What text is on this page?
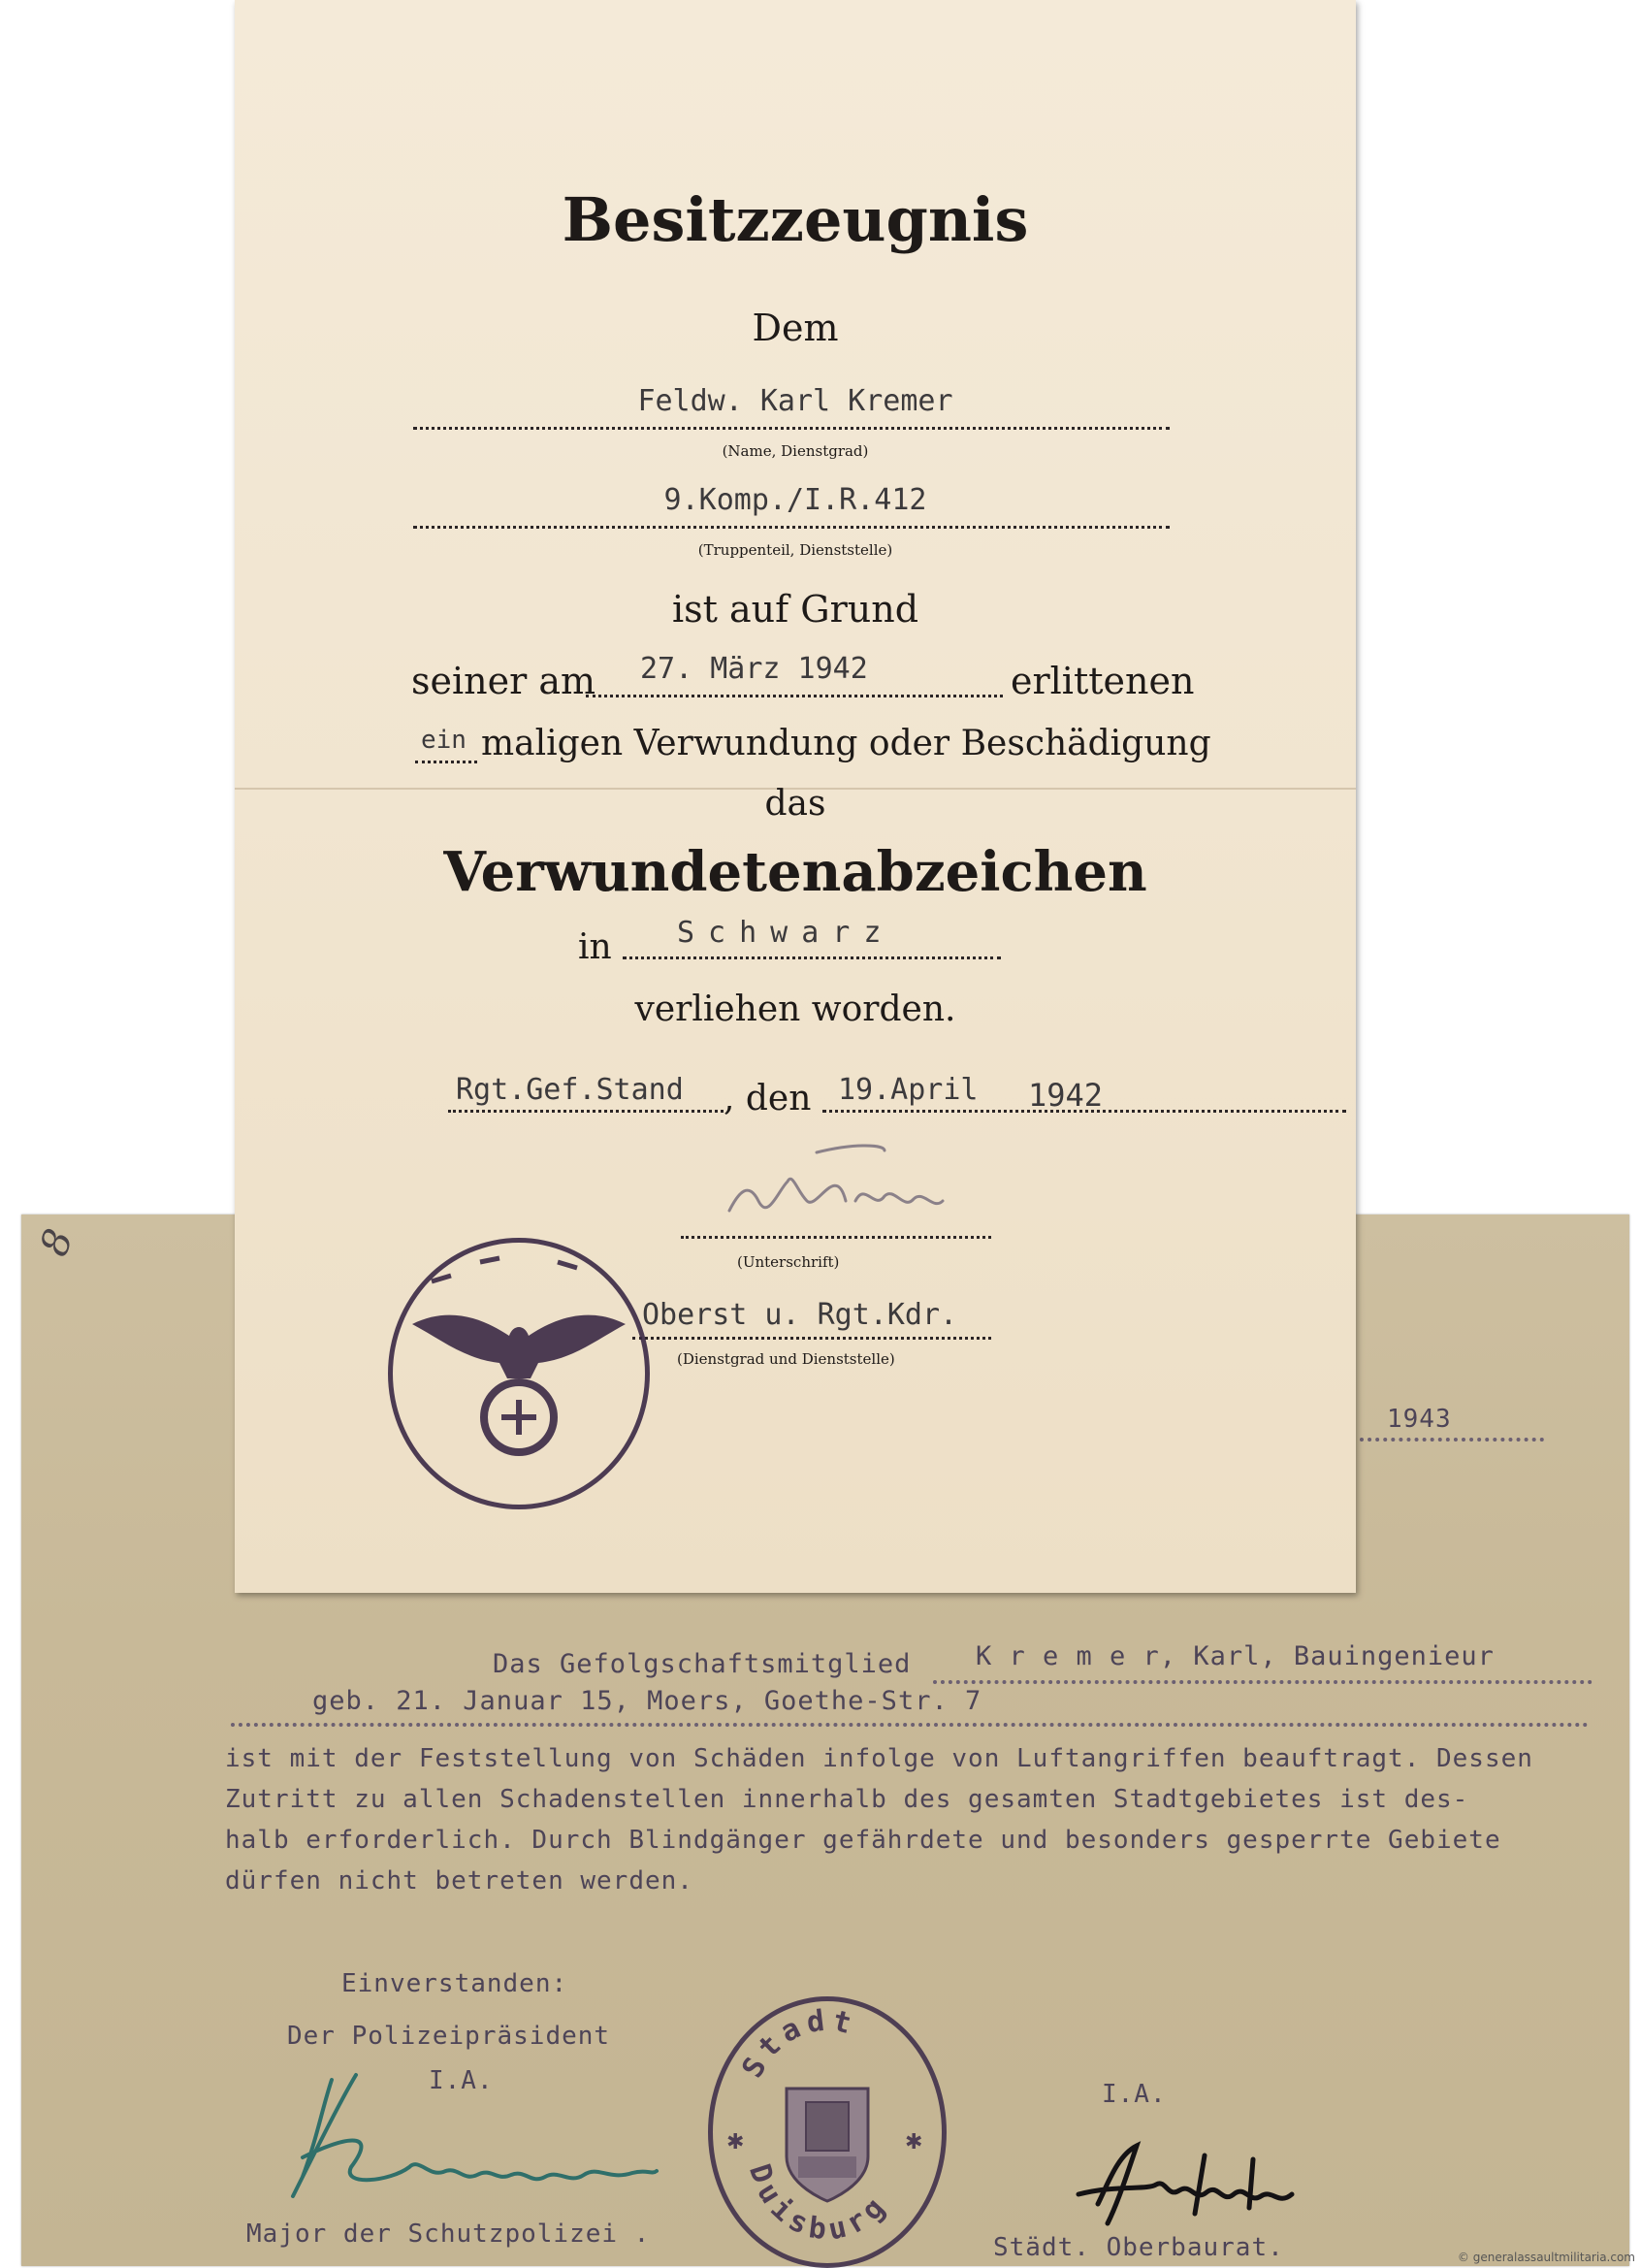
8
1943
Das Gefolgschaftsmitglied K r e m e r, Karl, Bauingenieur
geb. 21. Januar 15, Moers, Goethe-Str. 7
ist mit der Feststellung von Schäden infolge von Luftangriffen beauftragt. Dessen
Zutritt zu allen Schadenstellen innerhalb des gesamten Stadtgebietes ist des-
halb erforderlich. Durch Blindgänger gefährdete und besonders gesperrte Gebiete
dürfen nicht betreten werden.
Einverstanden:
Der Polizeipräsident
I.A.
Major der Schutzpolizei .
Stadt
Duisburg
✱	✱
I.A.
Städt. Oberbaurat.
Besitzzeugnis
Dem
Feldw. Karl Kremer
(Name, Dienstgrad)
9.Komp./I.R.412
(Truppenteil, Dienststelle)
ist auf Grund
seiner am 27. März 1942	erlittenen
ein maligen Verwundung oder Beschädigung
das
Verwundetenabzeichen
in Schwarz
verliehen worden.
Rgt.Gef.Stand , den 19.April 1942
(Unterschrift)
Oberst u. Rgt.Kdr.
(Dienstgrad und Dienststelle)
© generalassaultmilitaria.com
